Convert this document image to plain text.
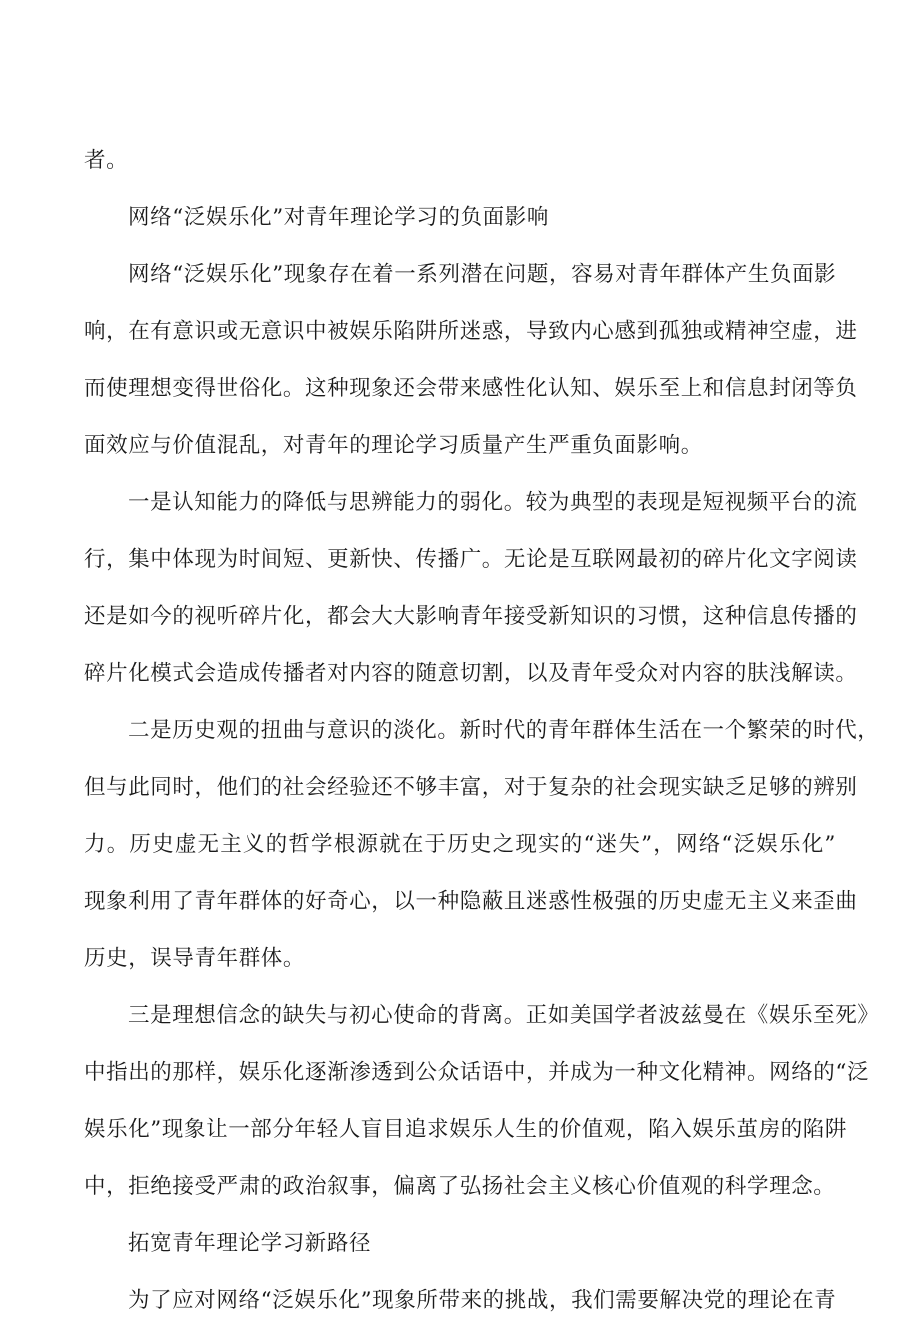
者。
网络“泛娱乐化”对青年理论学习的负面影响
网络“泛娱乐化”现象存在着一系列潜在问题，容易对青年群体产生负面影
响，在有意识或无意识中被娱乐陷阱所迷惑，导致内心感到孤独或精神空虚，进
而使理想变得世俗化。这种现象还会带来感性化认知、娱乐至上和信息封闭等负
面效应与价值混乱，对青年的理论学习质量产生严重负面影响。
一是认知能力的降低与思辨能力的弱化。较为典型的表现是短视频平台的流
行，集中体现为时间短、更新快、传播广。无论是互联网最初的碎片化文字阅读
还是如今的视听碎片化，都会大大影响青年接受新知识的习惯，这种信息传播的
碎片化模式会造成传播者对内容的随意切割，以及青年受众对内容的肤浅解读。
二是历史观的扭曲与意识的淡化。新时代的青年群体生活在一个繁荣的时代，
但与此同时，他们的社会经验还不够丰富，对于复杂的社会现实缺乏足够的辨别
力。历史虚无主义的哲学根源就在于历史之现实的“迷失”，网络“泛娱乐化”
现象利用了青年群体的好奇心，以一种隐蔽且迷惑性极强的历史虚无主义来歪曲
历史，误导青年群体。
三是理想信念的缺失与初心使命的背离。正如美国学者波兹曼在《娱乐至死》
中指出的那样，娱乐化逐渐渗透到公众话语中，并成为一种文化精神。网络的“泛
娱乐化”现象让一部分年轻人盲目追求娱乐人生的价值观，陷入娱乐茧房的陷阱
中，拒绝接受严肃的政治叙事，偏离了弘扬社会主义核心价值观的科学理念。
拓宽青年理论学习新路径
为了应对网络“泛娱乐化”现象所带来的挑战，我们需要解决党的理论在青
